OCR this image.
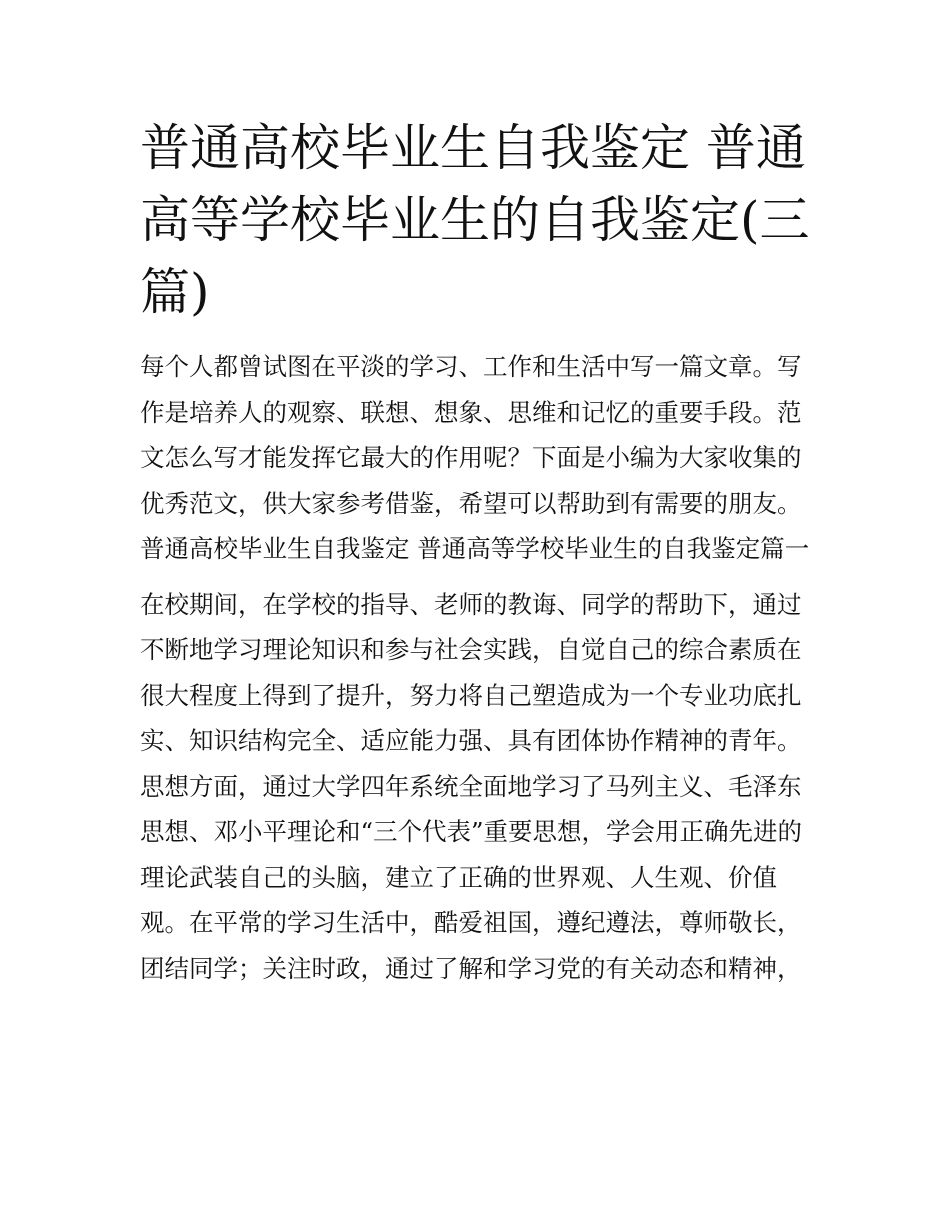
普通高校毕业生自我鉴定 普通高等学校毕业生的自我鉴定(三篇)

每个人都曾试图在平淡的学习、工作和生活中写一篇文章。写作是培养人的观察、联想、想象、思维和记忆的重要手段。范文怎么写才能发挥它最大的作用呢？下面是小编为大家收集的优秀范文，供大家参考借鉴，希望可以帮助到有需要的朋友。普通高校毕业生自我鉴定 普通高等学校毕业生的自我鉴定篇一

在校期间，在学校的指导、老师的教诲、同学的帮助下，通过不断地学习理论知识和参与社会实践，自觉自己的综合素质在很大程度上得到了提升，努力将自己塑造成为一个专业功底扎实、知识结构完全、适应能力强、具有团体协作精神的青年。思想方面，通过大学四年系统全面地学习了马列主义、毛泽东思想、邓小平理论和“三个代表”重要思想，学会用正确先进的理论武装自己的头脑，建立了正确的世界观、人生观、价值观。在平常的学习生活中，酷爱祖国，遵纪遵法，尊师敬长，团结同学；关注时政，通过了解和学习党的有关动态和精神，
